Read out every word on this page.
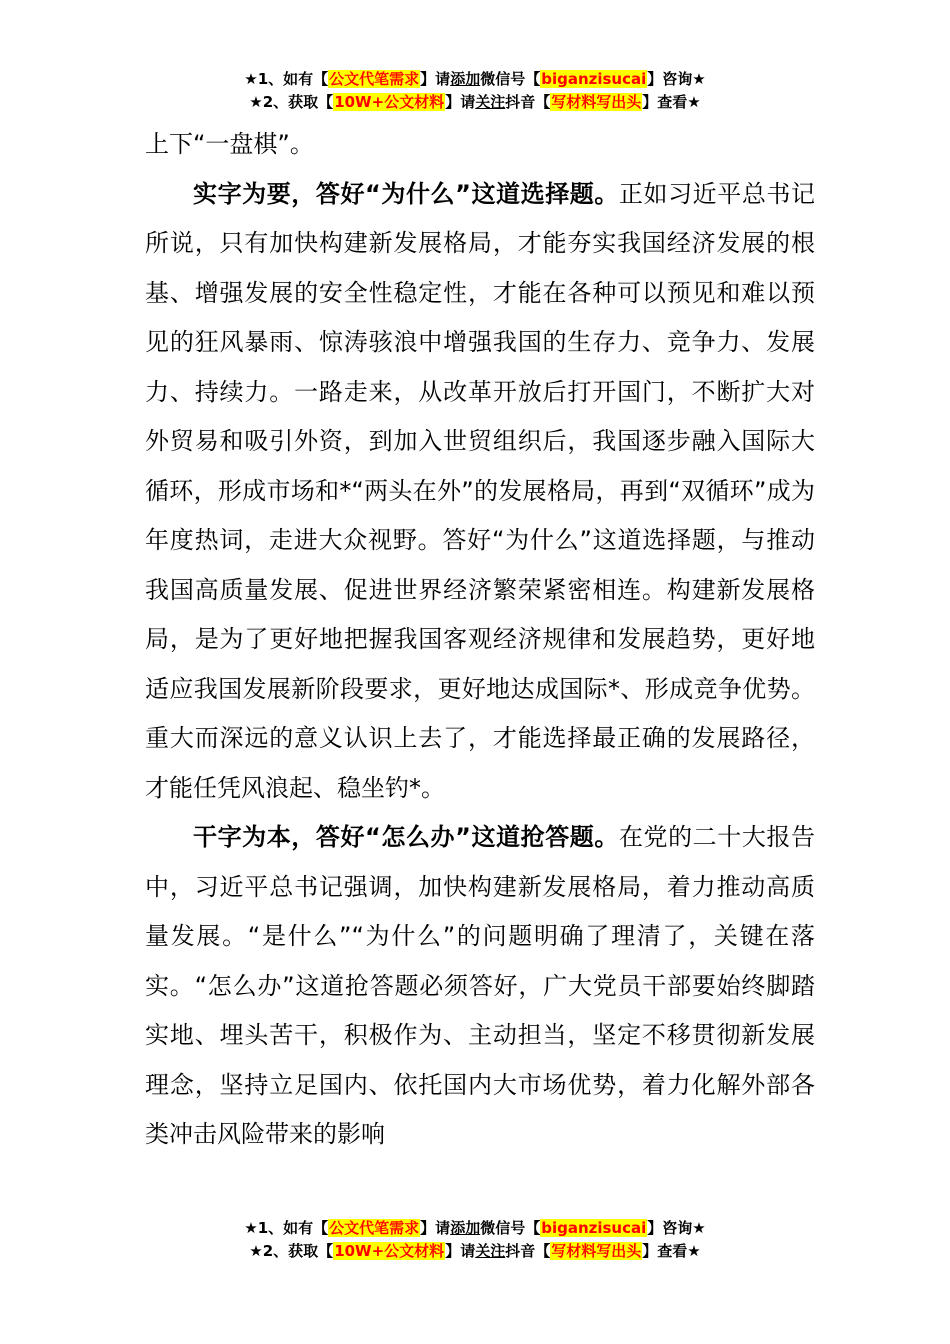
★1、如有【公文代笔需求】请添加微信号【biganzisucai】咨询★
★2、获取【10W+公文材料】请关注抖音【写材料写出头】查看★

上下“一盘棋”。

实字为要，答好“为什么”这道选择题。正如习近平总书记所说，只有加快构建新发展格局，才能夯实我国经济发展的根基、增强发展的安全性稳定性，才能在各种可以预见和难以预见的狂风暴雨、惊涛骇浪中增强我国的生存力、竞争力、发展力、持续力。一路走来，从改革开放后打开国门，不断扩大对外贸易和吸引外资，到加入世贸组织后，我国逐步融入国际大循环，形成市场和*“两头在外”的发展格局，再到“双循环”成为年度热词，走进大众视野。答好“为什么”这道选择题，与推动我国高质量发展、促进世界经济繁荣紧密相连。构建新发展格局，是为了更好地把握我国客观经济规律和发展趋势，更好地适应我国发展新阶段要求，更好地达成国际*、形成竞争优势。重大而深远的意义认识上去了，才能选择最正确的发展路径，才能任凭风浪起、稳坐钓*。

干字为本，答好“怎么办”这道抢答题。在党的二十大报告中，习近平总书记强调，加快构建新发展格局，着力推动高质量发展。“是什么”“为什么”的问题明确了理清了，关键在落实。“怎么办”这道抢答题必须答好，广大党员干部要始终脚踏实地、埋头苦干，积极作为、主动担当，坚定不移贯彻新发展理念，坚持立足国内、依托国内大市场优势，着力化解外部各类冲击风险带来的影响

★1、如有【公文代笔需求】请添加微信号【biganzisucai】咨询★
★2、获取【10W+公文材料】请关注抖音【写材料写出头】查看★
